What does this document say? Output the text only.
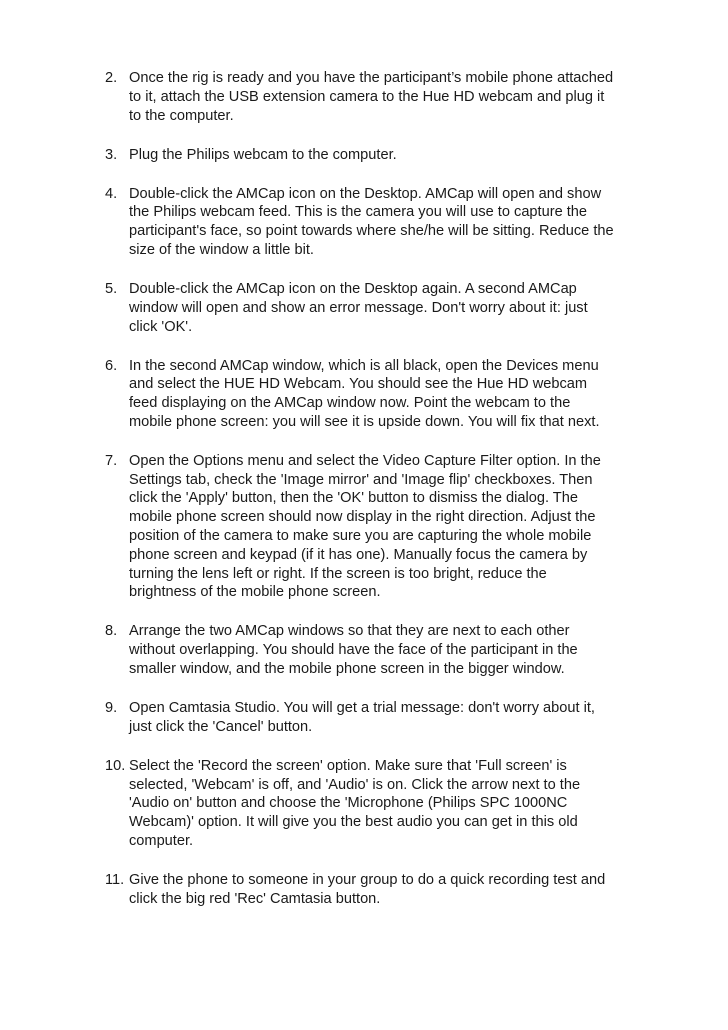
2. Once the rig is ready and you have the participant’s mobile phone attached
to it, attach the USB extension camera to the Hue HD webcam and plug it
to the computer.
3. Plug the Philips webcam to the computer.
4. Double-click the AMCap icon on the Desktop. AMCap will open and show
the Philips webcam feed. This is the camera you will use to capture the
participant's face, so point towards where she/he will be sitting. Reduce the
size of the window a little bit.
5. Double-click the AMCap icon on the Desktop again. A second AMCap
window will open and show an error message. Don't worry about it: just
click 'OK'.
6. In the second AMCap window, which is all black, open the Devices menu
and select the HUE HD Webcam. You should see the Hue HD webcam
feed displaying on the AMCap window now. Point the webcam to the
mobile phone screen: you will see it is upside down. You will fix that next.
7. Open the Options menu and select the Video Capture Filter option. In the
Settings tab, check the 'Image mirror' and 'Image flip' checkboxes. Then
click the 'Apply' button, then the 'OK' button to dismiss the dialog. The
mobile phone screen should now display in the right direction. Adjust the
position of the camera to make sure you are capturing the whole mobile
phone screen and keypad (if it has one). Manually focus the camera by
turning the lens left or right. If the screen is too bright, reduce the
brightness of the mobile phone screen.
8. Arrange the two AMCap windows so that they are next to each other
without overlapping. You should have the face of the participant in the
smaller window, and the mobile phone screen in the bigger window.
9. Open Camtasia Studio. You will get a trial message: don't worry about it,
just click the 'Cancel' button.
10. Select the 'Record the screen' option. Make sure that 'Full screen' is
selected, 'Webcam' is off, and 'Audio' is on. Click the arrow next to the
'Audio on' button and choose the 'Microphone (Philips SPC 1000NC
Webcam)' option. It will give you the best audio you can get in this old
computer.
11. Give the phone to someone in your group to do a quick recording test and
click the big red 'Rec' Camtasia button.
